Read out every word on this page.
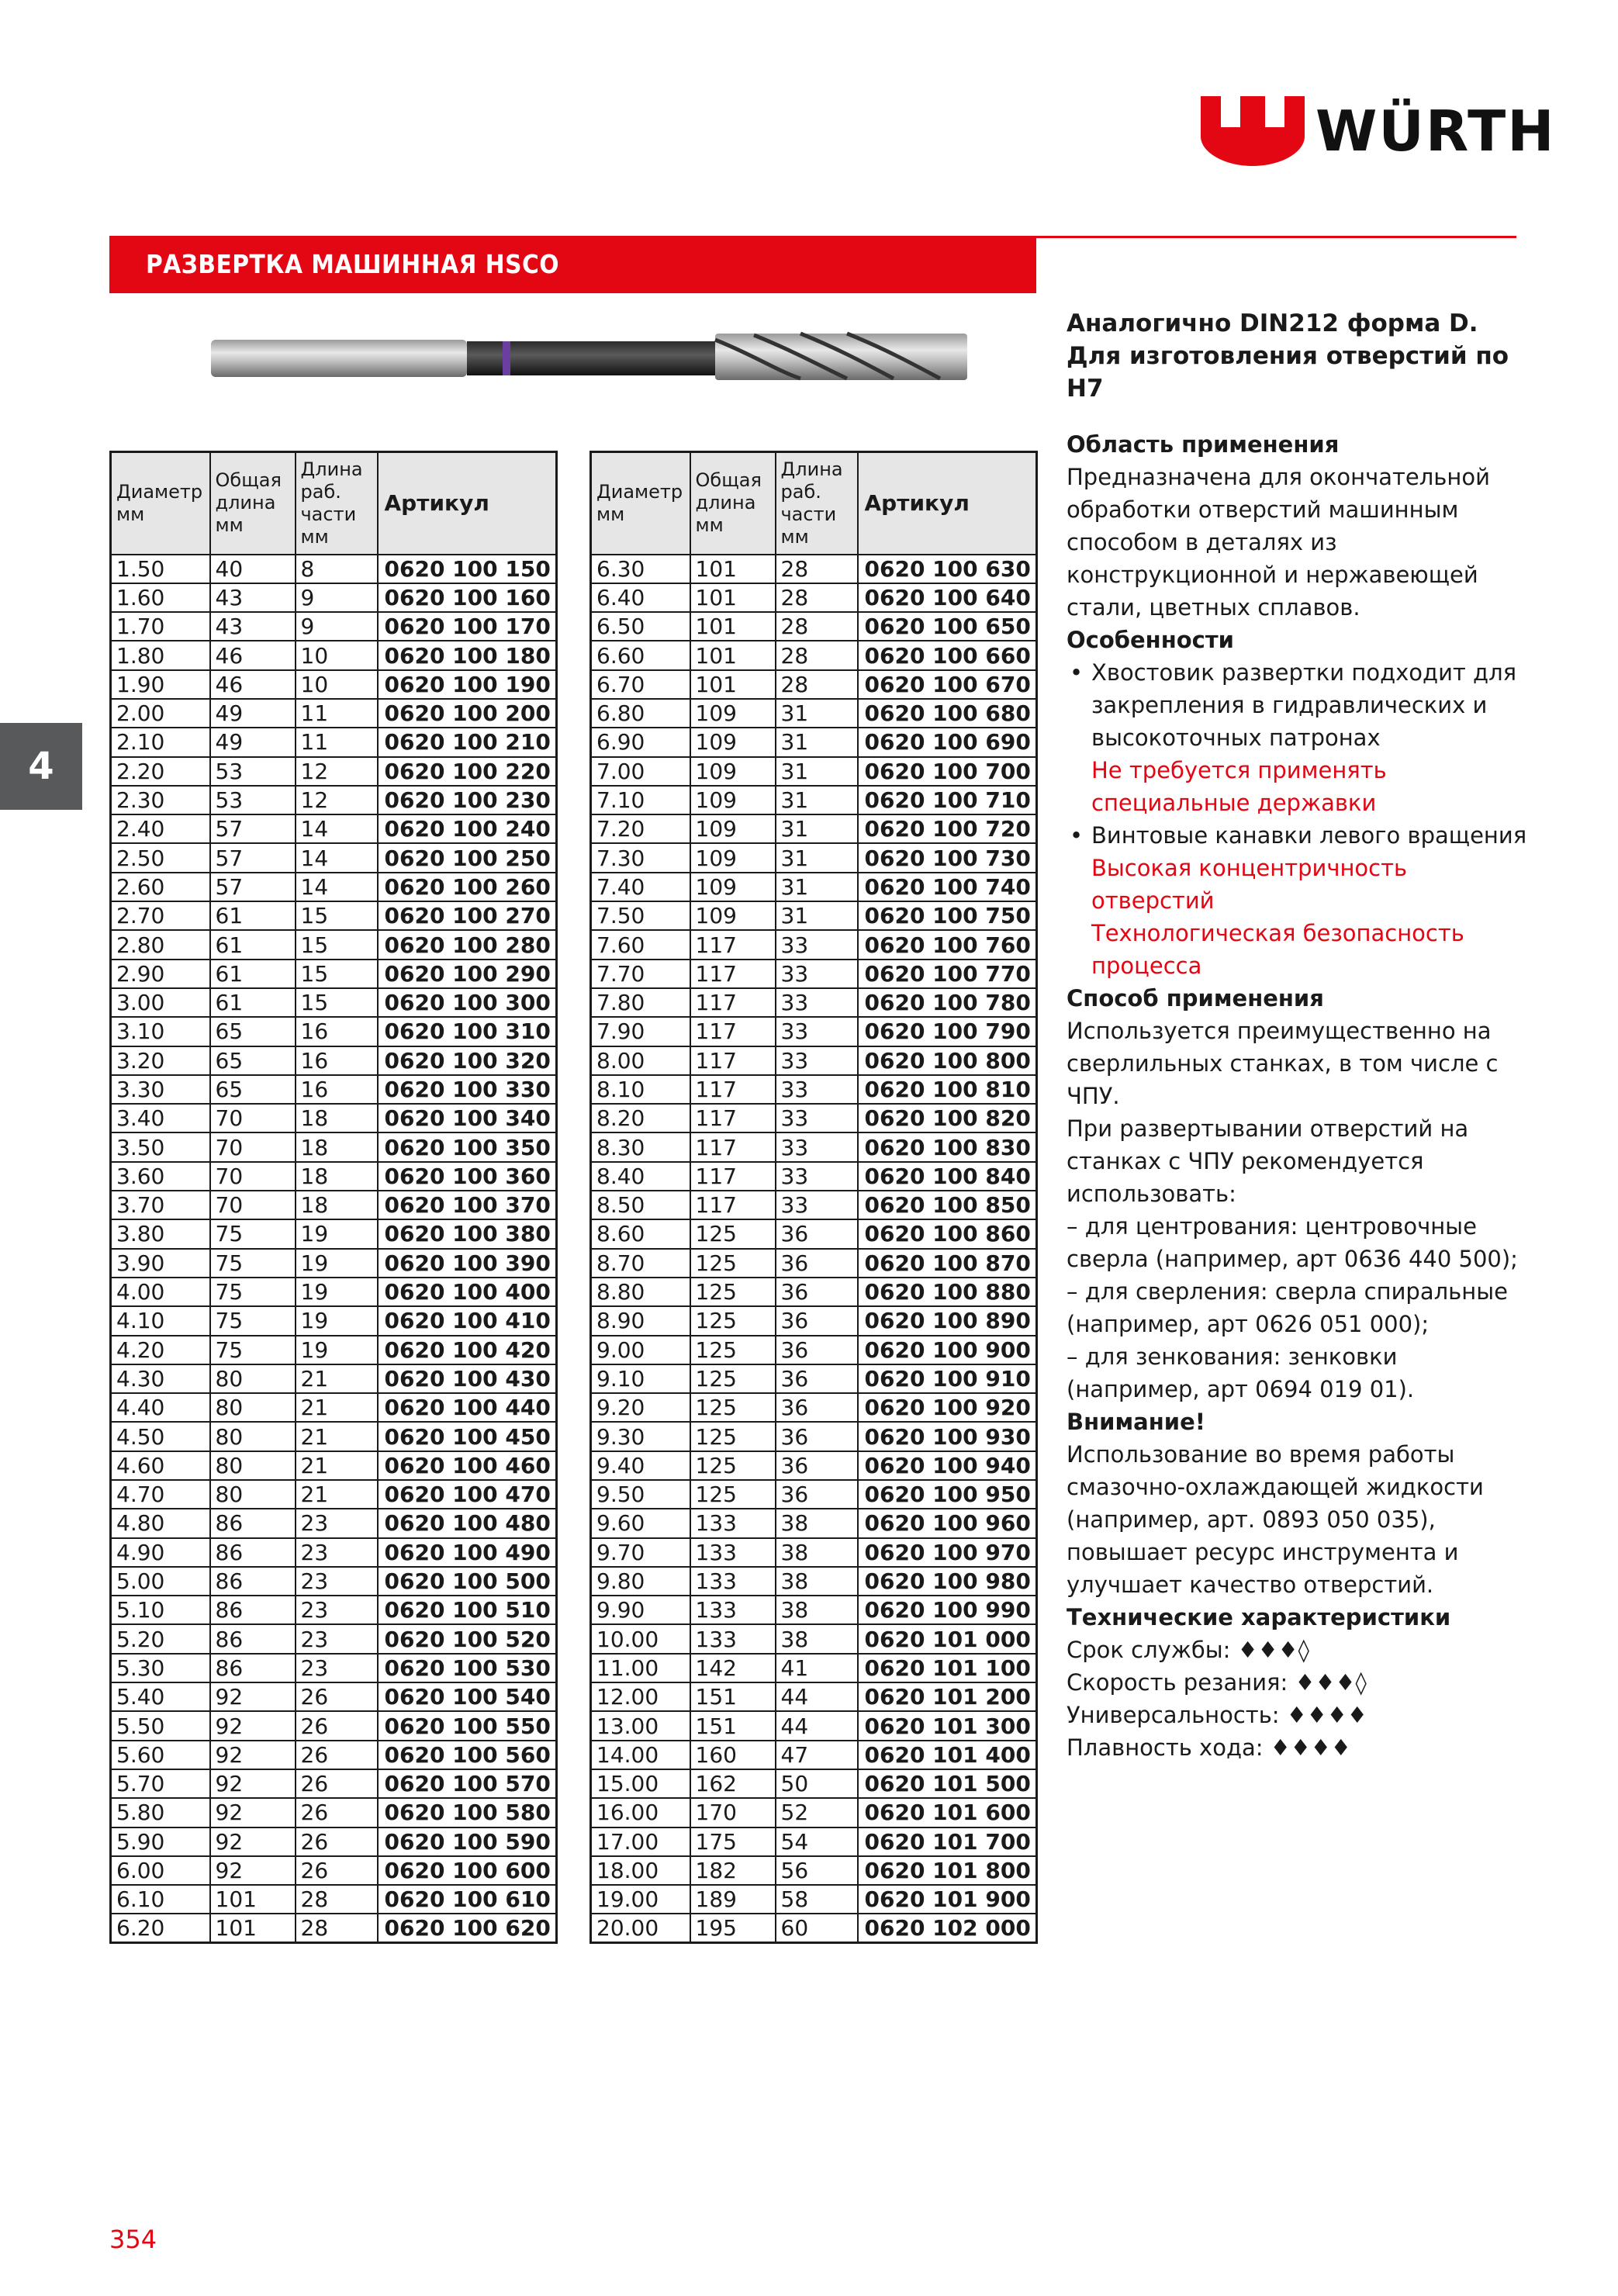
WÜRTH
РАЗВЕРТКА МАШИННАЯ HSCO
4
Диаметр мм	Общая длина мм	Длина раб. части мм	Артикул
1.50	40	8	0620 100 150
1.60	43	9	0620 100 160
1.70	43	9	0620 100 170
1.80	46	10	0620 100 180
1.90	46	10	0620 100 190
2.00	49	11	0620 100 200
2.10	49	11	0620 100 210
2.20	53	12	0620 100 220
2.30	53	12	0620 100 230
2.40	57	14	0620 100 240
2.50	57	14	0620 100 250
2.60	57	14	0620 100 260
2.70	61	15	0620 100 270
2.80	61	15	0620 100 280
2.90	61	15	0620 100 290
3.00	61	15	0620 100 300
3.10	65	16	0620 100 310
3.20	65	16	0620 100 320
3.30	65	16	0620 100 330
3.40	70	18	0620 100 340
3.50	70	18	0620 100 350
3.60	70	18	0620 100 360
3.70	70	18	0620 100 370
3.80	75	19	0620 100 380
3.90	75	19	0620 100 390
4.00	75	19	0620 100 400
4.10	75	19	0620 100 410
4.20	75	19	0620 100 420
4.30	80	21	0620 100 430
4.40	80	21	0620 100 440
4.50	80	21	0620 100 450
4.60	80	21	0620 100 460
4.70	80	21	0620 100 470
4.80	86	23	0620 100 480
4.90	86	23	0620 100 490
5.00	86	23	0620 100 500
5.10	86	23	0620 100 510
5.20	86	23	0620 100 520
5.30	86	23	0620 100 530
5.40	92	26	0620 100 540
5.50	92	26	0620 100 550
5.60	92	26	0620 100 560
5.70	92	26	0620 100 570
5.80	92	26	0620 100 580
5.90	92	26	0620 100 590
6.00	92	26	0620 100 600
6.10	101	28	0620 100 610
6.20	101	28	0620 100 620
Диаметр мм	Общая длина мм	Длина раб. части мм	Артикул
6.30	101	28	0620 100 630
6.40	101	28	0620 100 640
6.50	101	28	0620 100 650
6.60	101	28	0620 100 660
6.70	101	28	0620 100 670
6.80	109	31	0620 100 680
6.90	109	31	0620 100 690
7.00	109	31	0620 100 700
7.10	109	31	0620 100 710
7.20	109	31	0620 100 720
7.30	109	31	0620 100 730
7.40	109	31	0620 100 740
7.50	109	31	0620 100 750
7.60	117	33	0620 100 760
7.70	117	33	0620 100 770
7.80	117	33	0620 100 780
7.90	117	33	0620 100 790
8.00	117	33	0620 100 800
8.10	117	33	0620 100 810
8.20	117	33	0620 100 820
8.30	117	33	0620 100 830
8.40	117	33	0620 100 840
8.50	117	33	0620 100 850
8.60	125	36	0620 100 860
8.70	125	36	0620 100 870
8.80	125	36	0620 100 880
8.90	125	36	0620 100 890
9.00	125	36	0620 100 900
9.10	125	36	0620 100 910
9.20	125	36	0620 100 920
9.30	125	36	0620 100 930
9.40	125	36	0620 100 940
9.50	125	36	0620 100 950
9.60	133	38	0620 100 960
9.70	133	38	0620 100 970
9.80	133	38	0620 100 980
9.90	133	38	0620 100 990
10.00	133	38	0620 101 000
11.00	142	41	0620 101 100
12.00	151	44	0620 101 200
13.00	151	44	0620 101 300
14.00	160	47	0620 101 400
15.00	162	50	0620 101 500
16.00	170	52	0620 101 600
17.00	175	54	0620 101 700
18.00	182	56	0620 101 800
19.00	189	58	0620 101 900
20.00	195	60	0620 102 000
Аналогично DIN212 форма D. Для изготовления отверстий по H7
Область применения
Предназначена для окончательной обработки отверстий машинным способом в деталях из конструкционной и нержавеющей стали, цветных сплавов.
Особенности
• Хвостовик развертки подходит для закрепления в гидравлических и высокоточных патронах
Не требуется применять специальные державки
• Винтовые канавки левого вращения
Высокая концентричность отверстий
Технологическая безопасность процесса
Способ применения
Используется преимущественно на сверлильных станках, в том числе с ЧПУ.
При развертывании отверстий на станках с ЧПУ рекомендуется использовать:
– для центрования: центровочные сверла (например, арт 0636 440 500);
– для сверления: сверла спиральные (например, арт 0626 051 000);
– для зенкования: зенковки (например, арт 0694 019 01).
Внимание!
Использование во время работы смазочно-охлаждающей жидкости (например, арт. 0893 050 035), повышает ресурс инструмента и улучшает качество отверстий.
Технические характеристики
Срок службы: ♦♦♦◊
Скорость резания: ♦♦♦◊
Универсальность: ♦♦♦♦
Плавность хода: ♦♦♦♦
354
